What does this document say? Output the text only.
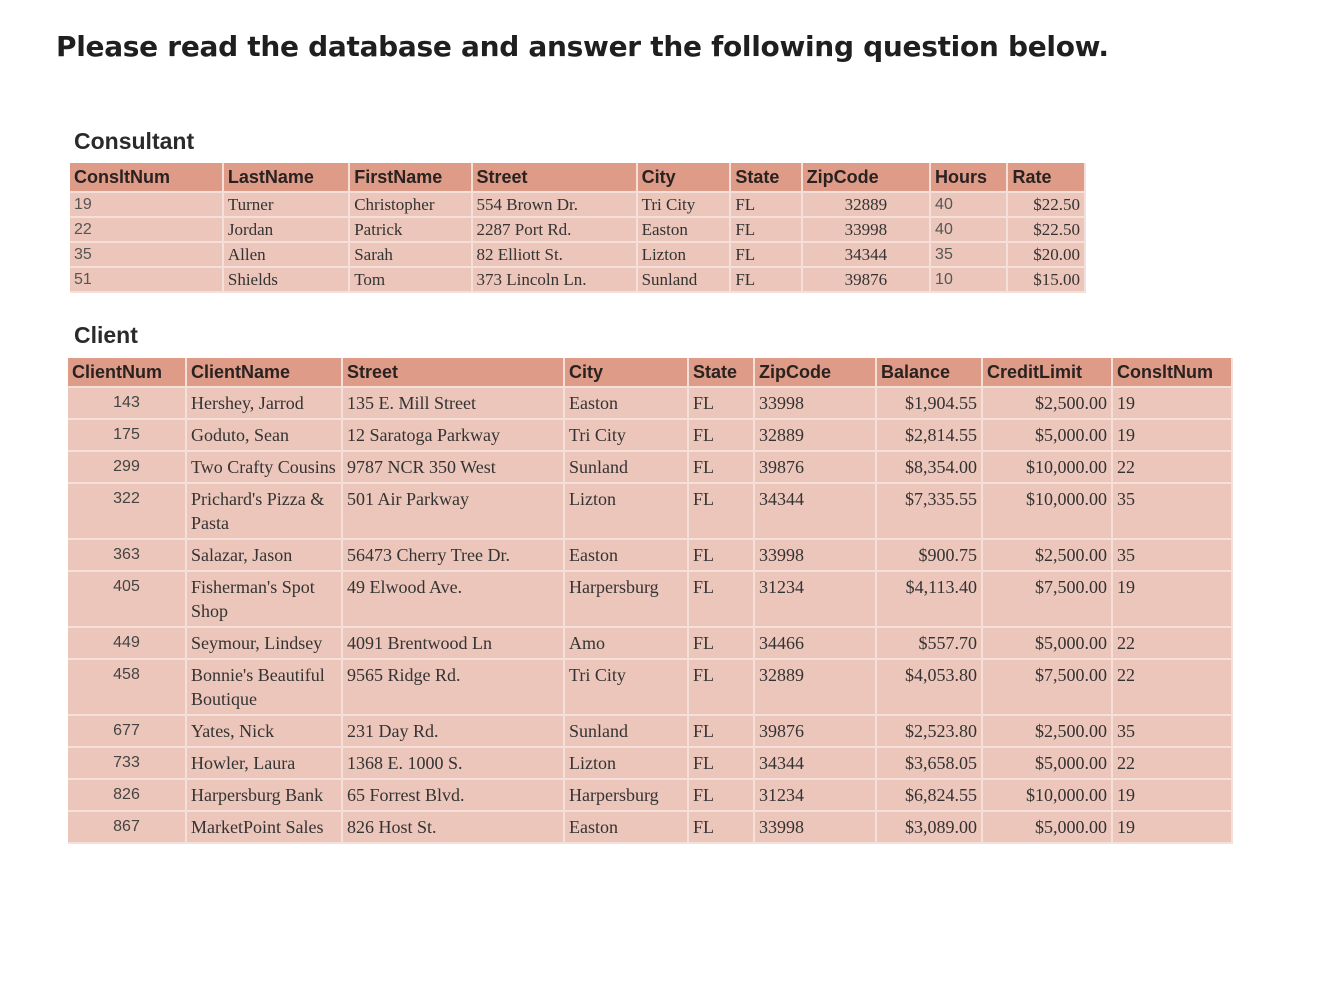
Please read the database and answer the following question below.
Consultant
ConsltNum	LastName	FirstName	Street	City	State	ZipCode	Hours	Rate
19	Turner	Christopher	554 Brown Dr.	Tri City	FL	32889	40	$22.50
22	Jordan	Patrick	2287 Port Rd.	Easton	FL	33998	40	$22.50
35	Allen	Sarah	82 Elliott St.	Lizton	FL	34344	35	$20.00
51	Shields	Tom	373 Lincoln Ln.	Sunland	FL	39876	10	$15.00
Client
ClientNum	ClientName	Street	City	State	ZipCode	Balance	CreditLimit	ConsltNum
143	Hershey, Jarrod	135 E. Mill Street	Easton	FL	33998	$1,904.55	$2,500.00	19
175	Goduto, Sean	12 Saratoga Parkway	Tri City	FL	32889	$2,814.55	$5,000.00	19
299	Two Crafty Cousins	9787 NCR 350 West	Sunland	FL	39876	$8,354.00	$10,000.00	22
322	Prichard's Pizza & Pasta	501 Air Parkway	Lizton	FL	34344	$7,335.55	$10,000.00	35
363	Salazar, Jason	56473 Cherry Tree Dr.	Easton	FL	33998	$900.75	$2,500.00	35
405	Fisherman's Spot Shop	49 Elwood Ave.	Harpersburg	FL	31234	$4,113.40	$7,500.00	19
449	Seymour, Lindsey	4091 Brentwood Ln	Amo	FL	34466	$557.70	$5,000.00	22
458	Bonnie's Beautiful Boutique	9565 Ridge Rd.	Tri City	FL	32889	$4,053.80	$7,500.00	22
677	Yates, Nick	231 Day Rd.	Sunland	FL	39876	$2,523.80	$2,500.00	35
733	Howler, Laura	1368 E. 1000 S.	Lizton	FL	34344	$3,658.05	$5,000.00	22
826	Harpersburg Bank	65 Forrest Blvd.	Harpersburg	FL	31234	$6,824.55	$10,000.00	19
867	MarketPoint Sales	826 Host St.	Easton	FL	33998	$3,089.00	$5,000.00	19
